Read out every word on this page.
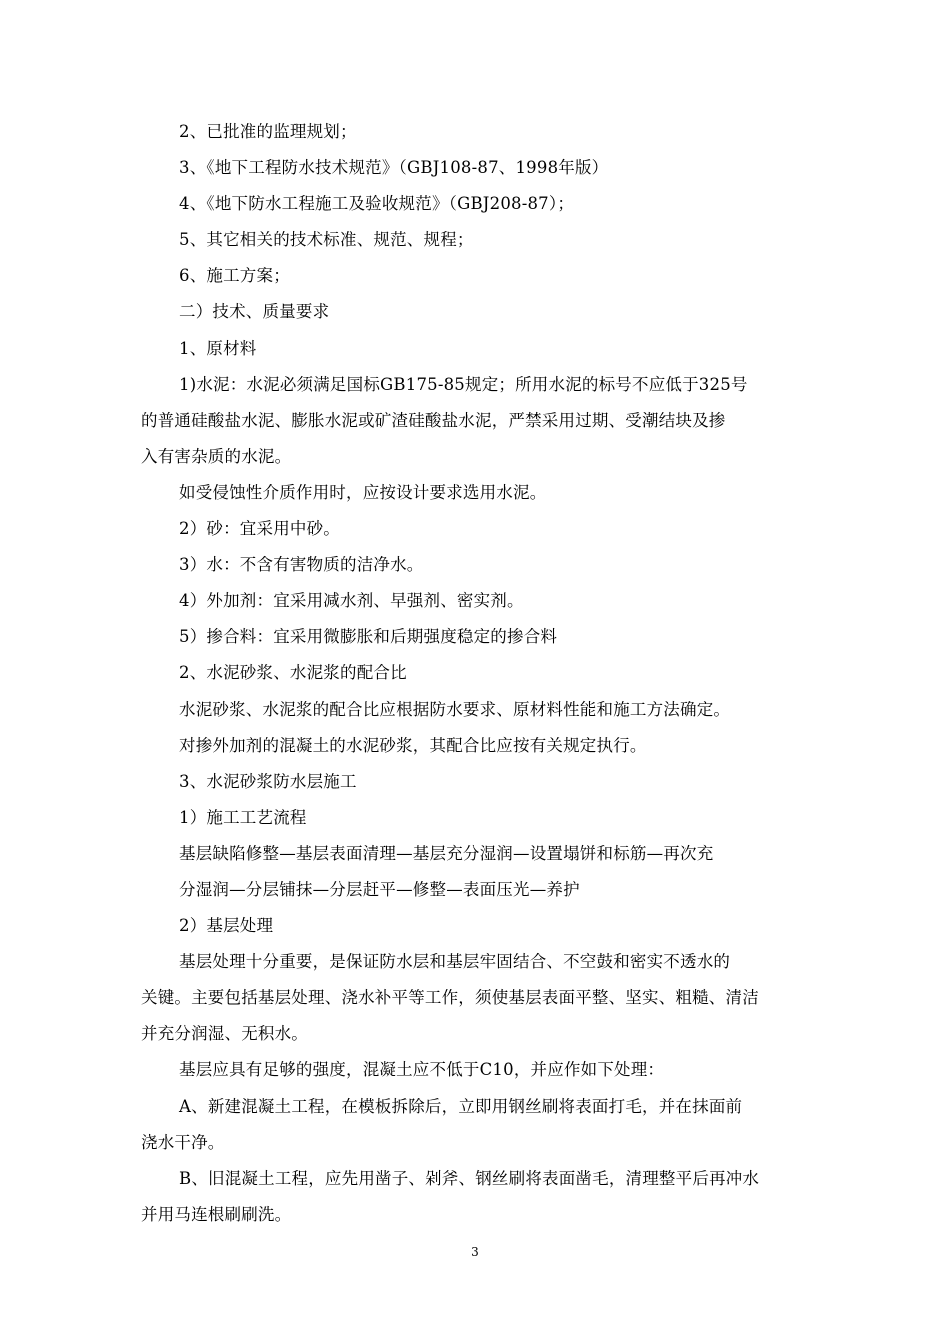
2、已批准的监理规划；
3、《地下工程防水技术规范》（GBJ108-87、1998年版）
4、《地下防水工程施工及验收规范》（GBJ208-87）；
5、其它相关的技术标准、规范、规程；
6、施工方案；
二）技术、质量要求
1、原材料
1)水泥：水泥必须满足国标GB175-85规定；所用水泥的标号不应低于325号
的普通硅酸盐水泥、膨胀水泥或矿渣硅酸盐水泥，严禁采用过期、受潮结块及掺
入有害杂质的水泥。
如受侵蚀性介质作用时，应按设计要求选用水泥。
2）砂：宜采用中砂。
3）水：不含有害物质的洁净水。
4）外加剂：宜采用减水剂、早强剂、密实剂。
5）掺合料：宜采用微膨胀和后期强度稳定的掺合料
2、水泥砂浆、水泥浆的配合比
水泥砂浆、水泥浆的配合比应根据防水要求、原材料性能和施工方法确定。
对掺外加剂的混凝土的水泥砂浆，其配合比应按有关规定执行。
3、水泥砂浆防水层施工
1）施工工艺流程
基层缺陷修整—基层表面清理—基层充分湿润—设置塌饼和标筋—再次充
分湿润—分层铺抹—分层赶平—修整—表面压光—养护
2）基层处理
基层处理十分重要，是保证防水层和基层牢固结合、不空鼓和密实不透水的
关键。主要包括基层处理、浇水补平等工作，须使基层表面平整、坚实、粗糙、清洁
并充分润湿、无积水。
基层应具有足够的强度，混凝土应不低于C10，并应作如下处理：
A、新建混凝土工程，在模板拆除后，立即用钢丝刷将表面打毛，并在抹面前
浇水干净。
B、旧混凝土工程，应先用凿子、剁斧、钢丝刷将表面凿毛，清理整平后再冲水
并用马连根刷刷洗。
3
